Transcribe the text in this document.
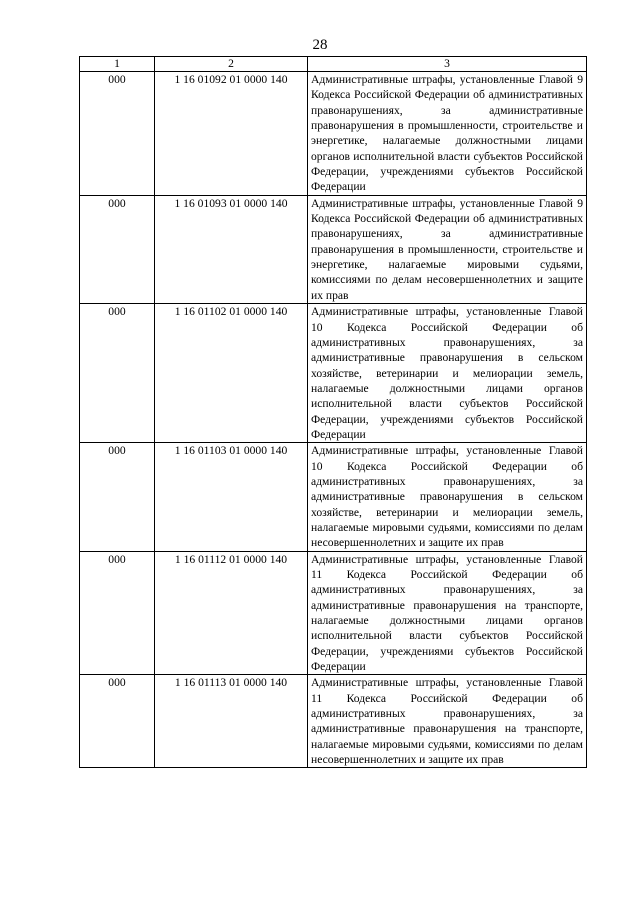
28
1	2	3
000	1 16 01092 01 0000 140	Административные штрафы, установленные Главой 9 Кодекса Российской Федерации об административных правонарушениях, за административные правонарушения в промышленности, строительстве и энергетике, налагаемые должностными лицами органов исполнительной власти субъектов Российской Федерации, учреждениями субъектов Российской Федерации
000	1 16 01093 01 0000 140	Административные штрафы, установленные Главой 9 Кодекса Российской Федерации об административных правонарушениях, за административные правонарушения в промышленности, строительстве и энергетике, налагаемые мировыми судьями, комиссиями по делам несовершеннолетних и защите их прав
000	1 16 01102 01 0000 140	Административные штрафы, установленные Главой 10 Кодекса Российской Федерации об административных правонарушениях, за административные правонарушения в сельском хозяйстве, ветеринарии и мелиорации земель, налагаемые должностными лицами органов исполнительной власти субъектов Российской Федерации, учреждениями субъектов Российской Федерации
000	1 16 01103 01 0000 140	Административные штрафы, установленные Главой 10 Кодекса Российской Федерации об административных правонарушениях, за административные правонарушения в сельском хозяйстве, ветеринарии и мелиорации земель, налагаемые мировыми судьями, комиссиями по делам несовершеннолетних и защите их прав
000	1 16 01112 01 0000 140	Административные штрафы, установленные Главой 11 Кодекса Российской Федерации об административных правонарушениях, за административные правонарушения на транспорте, налагаемые должностными лицами органов исполнительной власти субъектов Российской Федерации, учреждениями субъектов Российской Федерации
000	1 16 01113 01 0000 140	Административные штрафы, установленные Главой 11 Кодекса Российской Федерации об административных правонарушениях, за административные правонарушения на транспорте, налагаемые мировыми судьями, комиссиями по делам несовершеннолетних и защите их прав
